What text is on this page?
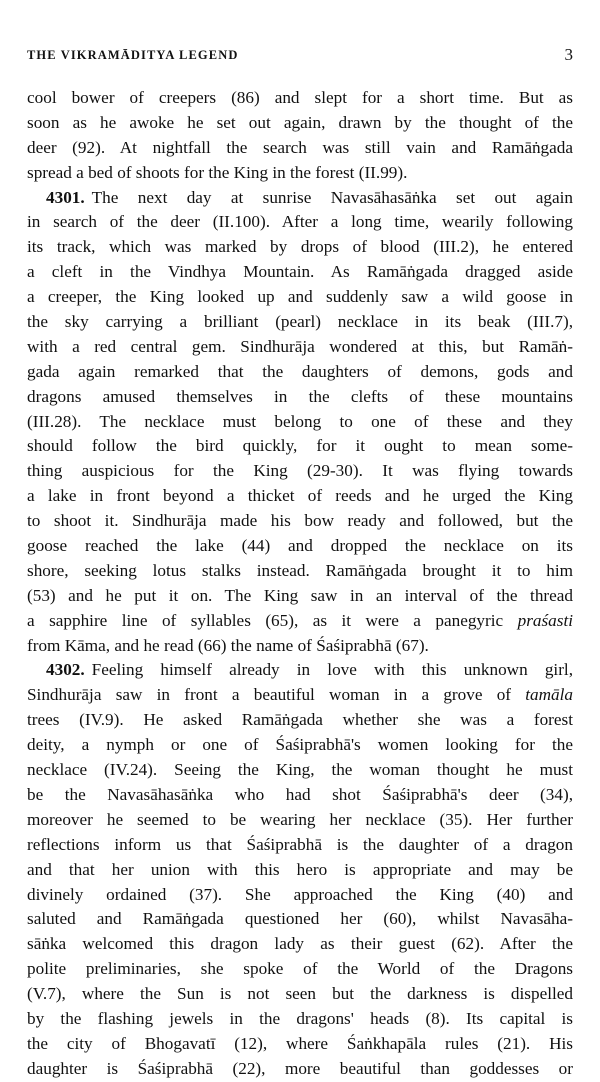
THE VIKRAMĀDITYA LEGEND	3
cool bower of creepers (86) and slept for a short time. But as
soon as he awoke he set out again, drawn by the thought of the
deer (92). At nightfall the search was still vain and Ramāṅgada
spread a bed of shoots for the King in the forest (II.99).
4301. The next day at sunrise Navasāhasāṅka set out again
in search of the deer (II.100). After a long time, wearily following
its track, which was marked by drops of blood (III.2), he entered
a cleft in the Vindhya Mountain. As Ramāṅgada dragged aside
a creeper, the King looked up and suddenly saw a wild goose in
the sky carrying a brilliant (pearl) necklace in its beak (III.7),
with a red central gem. Sindhurāja wondered at this, but Ramāṅ-
gada again remarked that the daughters of demons, gods and
dragons amused themselves in the clefts of these mountains
(III.28). The necklace must belong to one of these and they
should follow the bird quickly, for it ought to mean some-
thing auspicious for the King (29-30). It was flying towards
a lake in front beyond a thicket of reeds and he urged the King
to shoot it. Sindhurāja made his bow ready and followed, but the
goose reached the lake (44) and dropped the necklace on its
shore, seeking lotus stalks instead. Ramāṅgada brought it to him
(53) and he put it on. The King saw in an interval of the thread
a sapphire line of syllables (65), as it were a panegyric praśasti
from Kāma, and he read (66) the name of Śaśiprabhā (67).
4302. Feeling himself already in love with this unknown girl,
Sindhurāja saw in front a beautiful woman in a grove of tamāla
trees (IV.9). He asked Ramāṅgada whether she was a forest
deity, a nymph or one of Śaśiprabhā's women looking for the
necklace (IV.24). Seeing the King, the woman thought he must
be the Navasāhasāṅka who had shot Śaśiprabhā's deer (34),
moreover he seemed to be wearing her necklace (35). Her further
reflections inform us that Śaśiprabhā is the daughter of a dragon
and that her union with this hero is appropriate and may be
divinely ordained (37). She approached the King (40) and
saluted and Ramāṅgada questioned her (60), whilst Navasāha-
sāṅka welcomed this dragon lady as their guest (62). After the
polite preliminaries, she spoke of the World of the Dragons
(V.7), where the Sun is not seen but the darkness is dispelled
by the flashing jewels in the dragons' heads (8). Its capital is
the city of Bhogavatī (12), where Śaṅkhapāla rules (21). His
daughter is Śaśiprabhā (22), more beautiful than goddesses or
